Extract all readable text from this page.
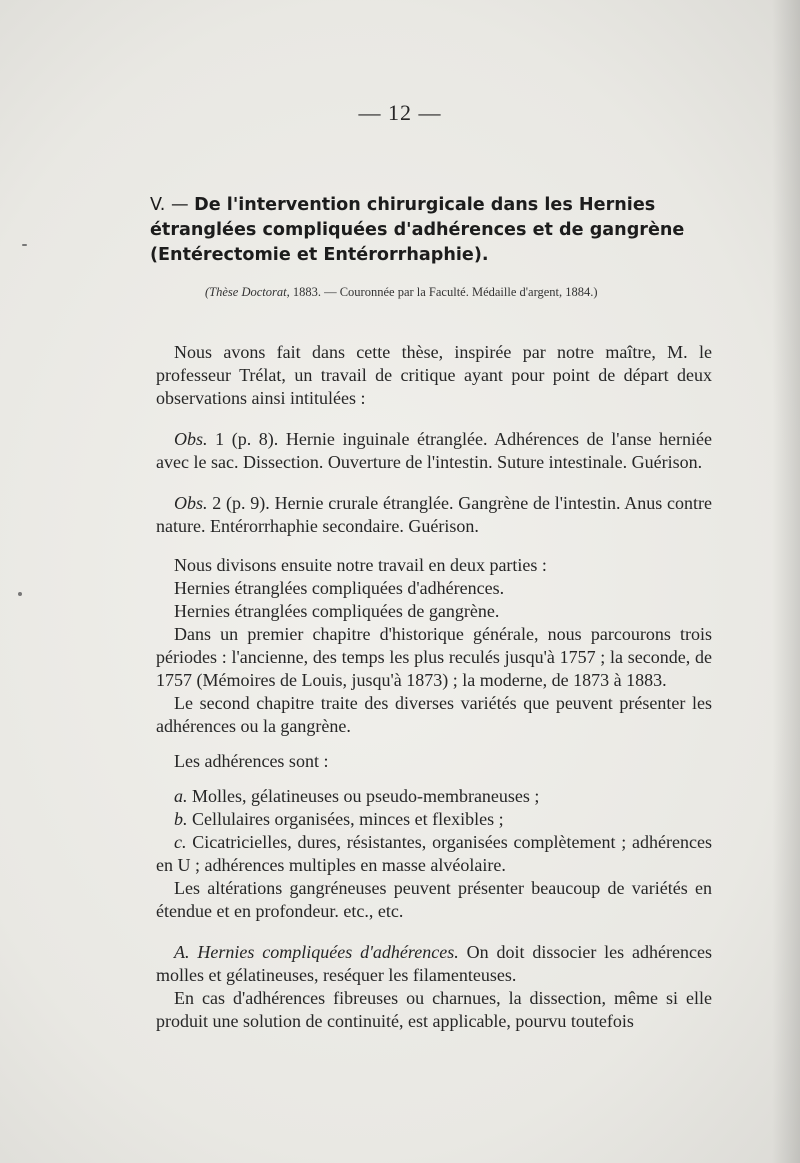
— 12 —
V. — De l'intervention chirurgicale dans les Hernies étranglées compliquées d'adhérences et de gangrène (Entérectomie et Entérorrhaphie).
(Thèse Doctorat, 1883. — Couronnée par la Faculté. Médaille d'argent, 1884.)

Nous avons fait dans cette thèse, inspirée par notre maître, M. le professeur Trélat, un travail de critique ayant pour point de départ deux observations ainsi intitulées :

Obs. 1 (p. 8). Hernie inguinale étranglée. Adhérences de l'anse herniée avec le sac. Dissection. Ouverture de l'intestin. Suture intestinale. Guérison.

Obs. 2 (p. 9). Hernie crurale étranglée. Gangrène de l'intestin. Anus contre nature. Entérorrhaphie secondaire. Guérison.

Nous divisons ensuite notre travail en deux parties :

Hernies étranglées compliquées d'adhérences.

Hernies étranglées compliquées de gangrène.

Dans un premier chapitre d'historique générale, nous parcourons trois périodes : l'ancienne, des temps les plus reculés jusqu'à 1757 ; la seconde, de 1757 (Mémoires de Louis, jusqu'à 1873) ; la moderne, de 1873 à 1883.

Le second chapitre traite des diverses variétés que peuvent présenter les adhérences ou la gangrène.

Les adhérences sont :

a. Molles, gélatineuses ou pseudo-membraneuses ;

b. Cellulaires organisées, minces et flexibles ;

c. Cicatricielles, dures, résistantes, organisées complètement ; adhérences en U ; adhérences multiples en masse alvéolaire.

Les altérations gangréneuses peuvent présenter beaucoup de variétés en étendue et en profondeur. etc., etc.

A. Hernies compliquées d'adhérences. On doit dissocier les adhérences molles et gélatineuses, reséquer les filamenteuses.

En cas d'adhérences fibreuses ou charnues, la dissection, même si elle produit une solution de continuité, est applicable, pourvu toutefois
